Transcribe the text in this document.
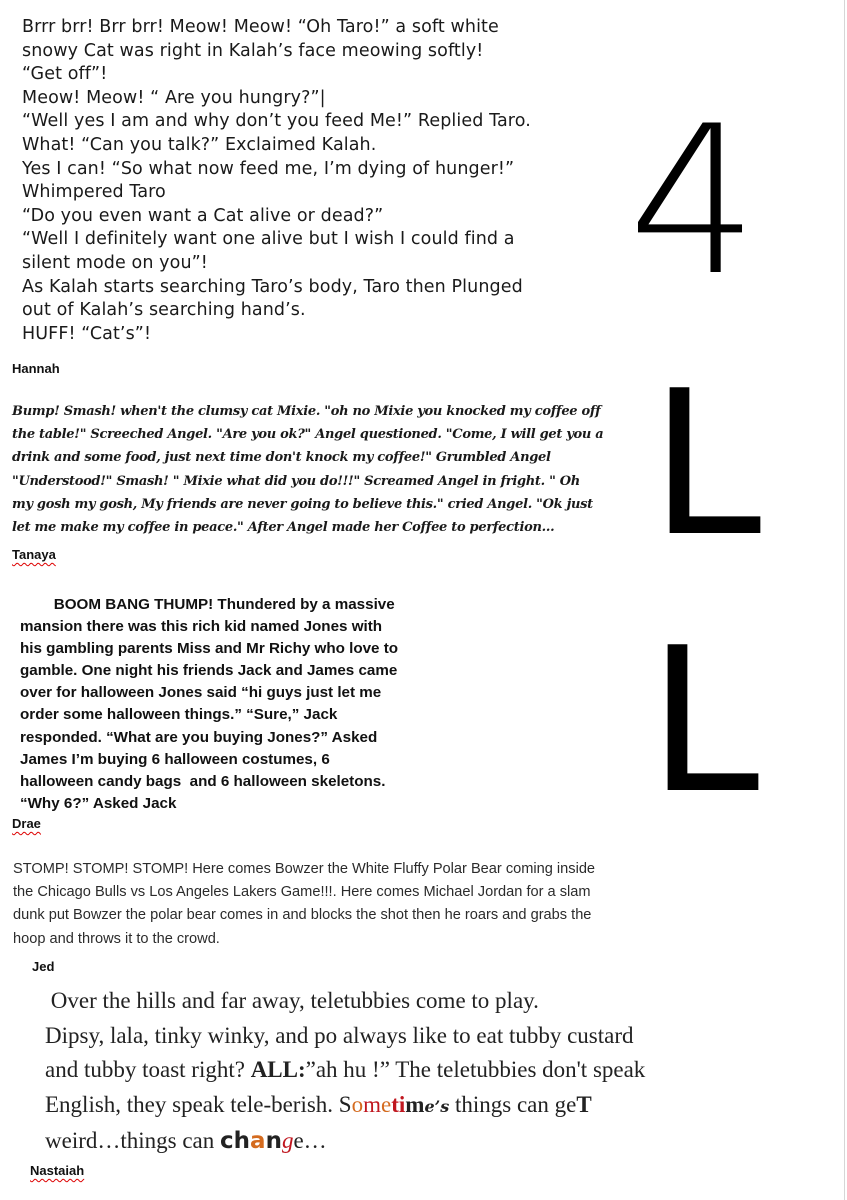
4
L
L
Brrr brr! Brr brr! Meow! Meow! “Oh Taro!” a soft white
snowy Cat was right in Kalah’s face meowing softly!
“Get off”!
Meow! Meow! “ Are you hungry?”|
“Well yes I am and why don’t you feed Me!” Replied Taro.
What! “Can you talk?” Exclaimed Kalah.
Yes I can! “So what now feed me, I’m dying of hunger!”
Whimpered Taro
“Do you even want a Cat alive or dead?”
“Well I definitely want one alive but I wish I could find a
silent mode on you”!
As Kalah starts searching Taro’s body, Taro then Plunged
out of Kalah’s searching hand’s.
HUFF! “Cat’s”!
Hannah
Bump! Smash! when't the clumsy cat Mixie. "oh no Mixie you knocked my coffee off
the table!" Screeched Angel. "Are you ok?" Angel questioned. "Come, I will get you a
drink and some food, just next time don't knock my coffee!" Grumbled Angel
"Understood!" Smash! " Mixie what did you do!!!" Screamed Angel in fright. " Oh
my gosh my gosh, My friends are never going to believe this." cried Angel. "Ok just
let me make my coffee in peace." After Angel made her Coffee to perfection...
Tanaya
BOOM BANG THUMP! Thundered by a massive
mansion there was this rich kid named Jones with
his gambling parents Miss and Mr Richy who love to
gamble. One night his friends Jack and James came
over for halloween Jones said “hi guys just let me
order some halloween things.” “Sure,” Jack
responded. “What are you buying Jones?” Asked
James I’m buying 6 halloween costumes, 6
halloween candy bags  and 6 halloween skeletons.
“Why 6?” Asked Jack
Drae
STOMP! STOMP! STOMP! Here comes Bowzer the White Fluffy Polar Bear coming inside
the Chicago Bulls vs Los Angeles Lakers Game!!!. Here comes Michael Jordan for a slam
dunk put Bowzer the polar bear comes in and blocks the shot then he roars and grabs the
hoop and throws it to the crowd.
Jed
Over the hills and far away, teletubbies come to play.
Dipsy, lala, tinky winky, and po always like to eat tubby custard
and tubby toast right? ALL:”ah hu !” The teletubbies don't speak
English, they speak tele-berish. Sometime’s things can geT
weird…things can change…
Nastaiah
